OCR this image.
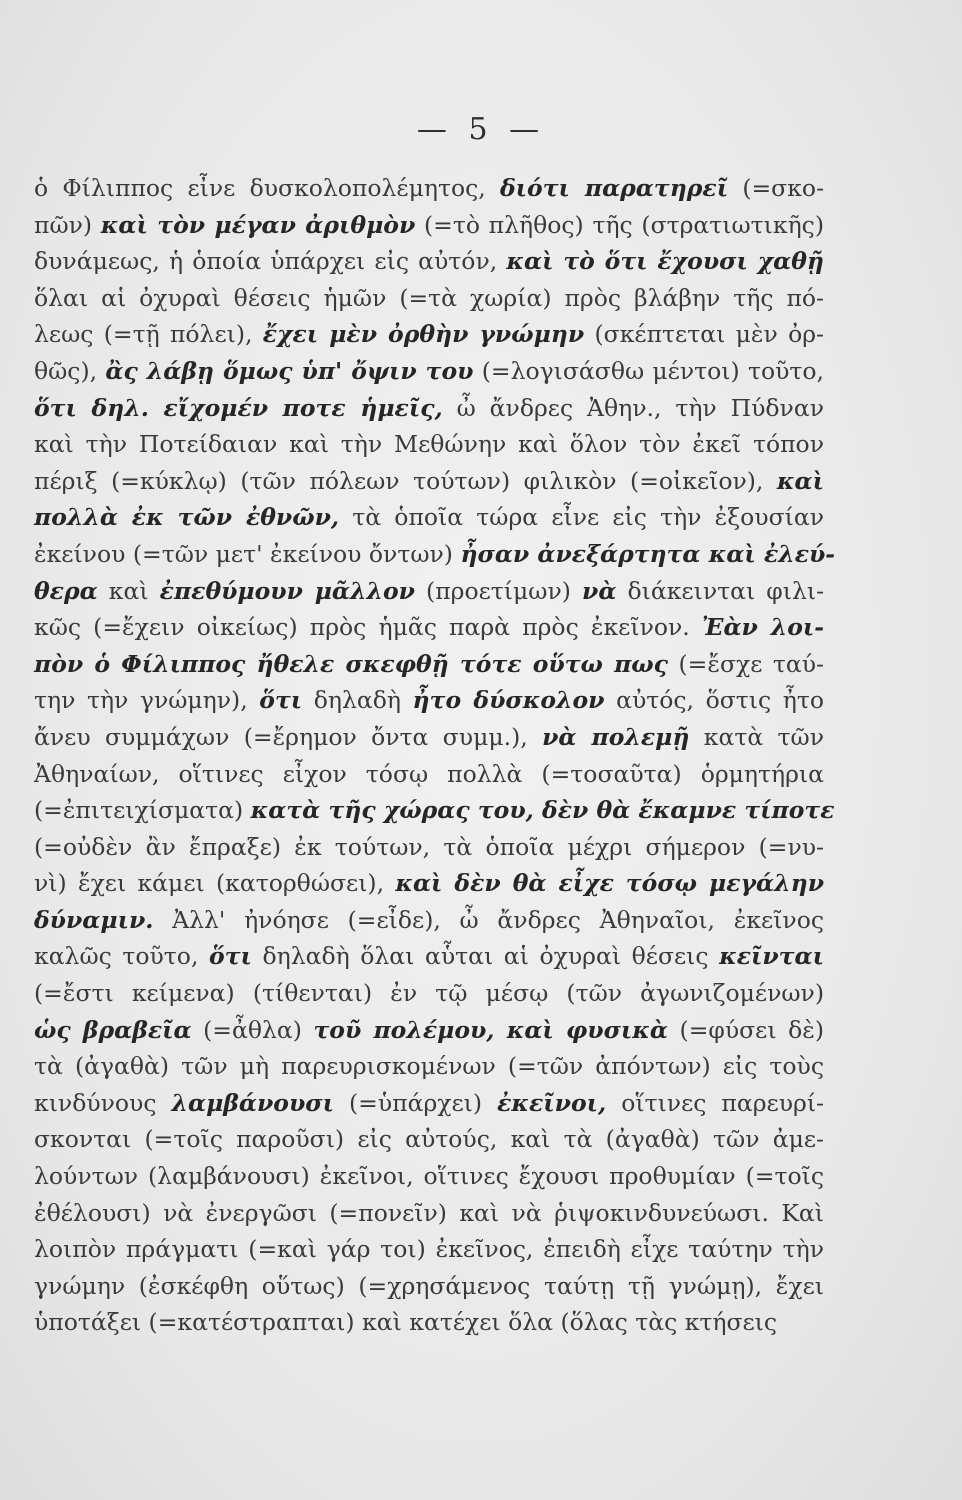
— 5 —
ὁ Φίλιππος εἶνε δυσκολοπολέμητος, διότι παρατηρεῖ (=σκο-
πῶν) καὶ τὸν μέγαν ἀριθμὸν (=τὸ πλῆθος) τῆς (στρατιωτικῆς)
δυνάμεως, ἡ ὁποία ὑπάρχει εἰς αὐτόν, καὶ τὸ ὅτι ἔχουσι χαθῇ
ὅλαι αἱ ὀχυραὶ θέσεις ἡμῶν (=τὰ χωρία) πρὸς βλάβην τῆς πό-
λεως (=τῇ πόλει), ἔχει μὲν ὀρθὴν γνώμην (σκέπτεται μὲν ὀρ-
θῶς), ἂς λάβῃ ὅμως ὑπ' ὄψιν του (=λογισάσθω μέντοι) τοῦτο,
ὅτι δηλ. εἴχομέν ποτε ἡμεῖς, ὦ ἄνδρες Ἀθην., τὴν Πύδναν
καὶ τὴν Ποτείδαιαν καὶ τὴν Μεθώνην καὶ ὅλον τὸν ἐκεῖ τόπον
πέριξ (=κύκλῳ) (τῶν πόλεων τούτων) φιλικὸν (=οἰκεῖον), καὶ
πολλὰ ἐκ τῶν ἐθνῶν, τὰ ὁποῖα τώρα εἶνε εἰς τὴν ἐξουσίαν
ἐκείνου (=τῶν μετ' ἐκείνου ὄντων) ἦσαν ἀνεξάρτητα καὶ ἐλεύ-
θερα καὶ ἐπεθύμουν μᾶλλον (προετίμων) νὰ διάκεινται φιλι-
κῶς (=ἔχειν οἰκείως) πρὸς ἡμᾶς παρὰ πρὸς ἐκεῖνον. Ἐὰν λοι-
πὸν ὁ Φίλιππος ἤθελε σκεφθῇ τότε οὕτω πως (=ἔσχε ταύ-
την τὴν γνώμην), ὅτι δηλαδὴ ἦτο δύσκολον αὐτός, ὅστις ἦτο
ἄνευ συμμάχων (=ἔρημον ὄντα συμμ.), νὰ πολεμῇ κατὰ τῶν
Ἀθηναίων, οἵτινες εἶχον τόσῳ πολλὰ (=τοσαῦτα) ὁρμητήρια
(=ἐπιτειχίσματα) κατὰ τῆς χώρας του, δὲν θὰ ἔκαμνε τίποτε
(=οὐδὲν ἂν ἔπραξε) ἐκ τούτων, τὰ ὁποῖα μέχρι σήμερον (=νυ-
νὶ) ἔχει κάμει (κατορθώσει), καὶ δὲν θὰ εἶχε τόσῳ μεγάλην
δύναμιν. Ἀλλ' ἠνόησε (=εἶδε), ὦ ἄνδρες Ἀθηναῖοι, ἐκεῖνος
καλῶς τοῦτο, ὅτι δηλαδὴ ὅλαι αὗται αἱ ὀχυραὶ θέσεις κεῖνται
(=ἔστι κείμενα) (τίθενται) ἐν τῷ μέσῳ (τῶν ἀγωνιζομένων)
ὡς βραβεῖα (=ἆθλα) τοῦ πολέμου, καὶ φυσικὰ (=φύσει δὲ)
τὰ (ἀγαθὰ) τῶν μὴ παρευρισκομένων (=τῶν ἀπόντων) εἰς τοὺς
κινδύνους λαμβάνουσι (=ὑπάρχει) ἐκεῖνοι, οἵτινες παρευρί-
σκονται (=τοῖς παροῦσι) εἰς αὐτούς, καὶ τὰ (ἀγαθὰ) τῶν ἀμε-
λούντων (λαμβάνουσι) ἐκεῖνοι, οἵτινες ἔχουσι προθυμίαν (=τοῖς
ἐθέλουσι) νὰ ἐνεργῶσι (=πονεῖν) καὶ νὰ ῥιψοκινδυνεύωσι. Καὶ
λοιπὸν πράγματι (=καὶ γάρ τοι) ἐκεῖνος, ἐπειδὴ εἶχε ταύτην τὴν
γνώμην (ἐσκέφθη οὕτως) (=χρησάμενος ταύτῃ τῇ γνώμῃ), ἔχει
ὑποτάξει (=κατέστραπται) καὶ κατέχει ὅλα (ὅλας τὰς κτήσεις
